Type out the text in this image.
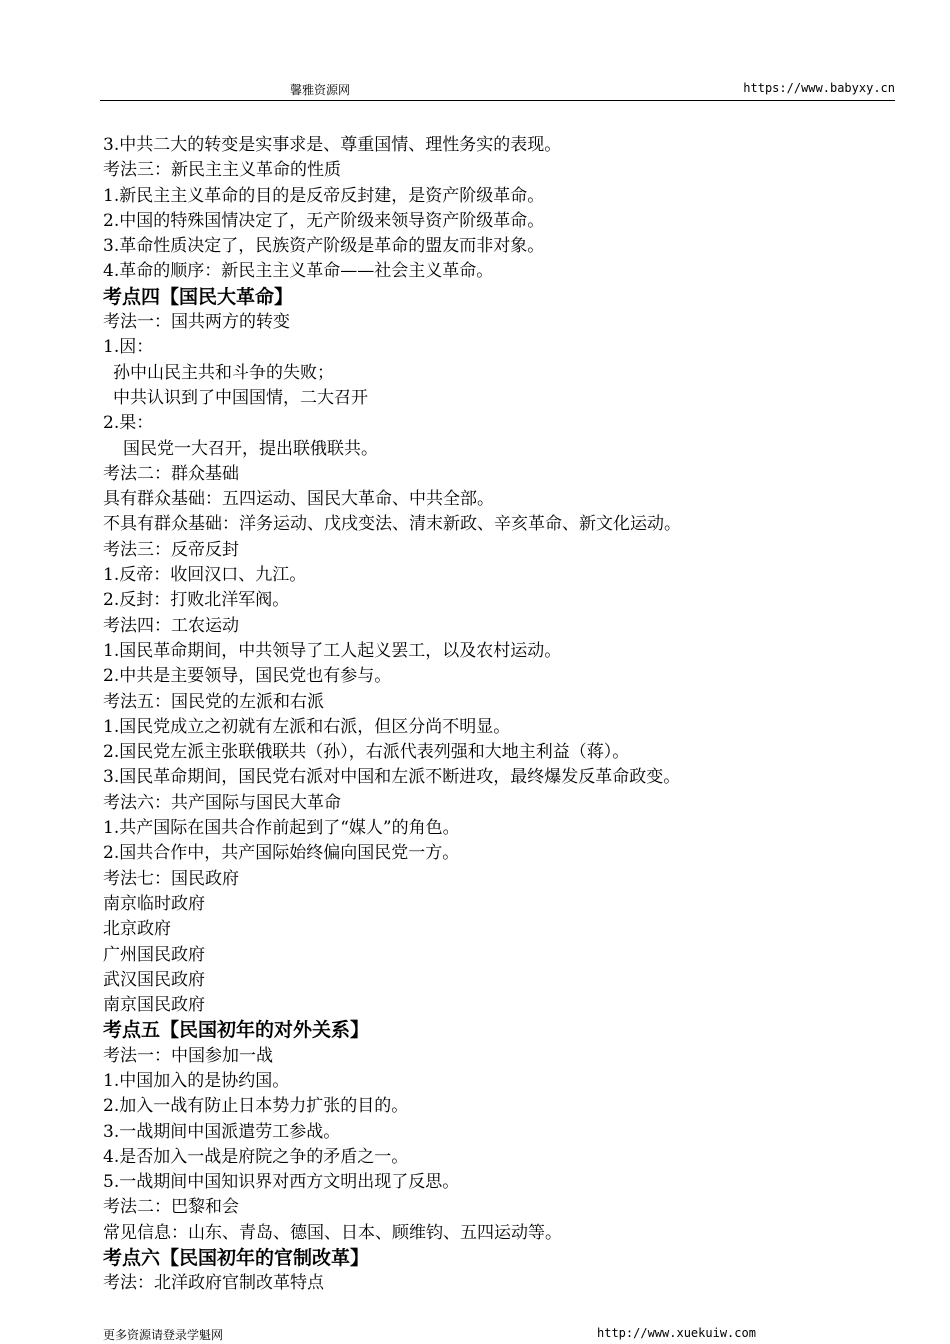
馨雅资源网	https://www.babyxy.cn
3.中共二大的转变是实事求是、尊重国情、理性务实的表现。
考法三：新民主主义革命的性质
1.新民主主义革命的目的是反帝反封建，是资产阶级革命。
2.中国的特殊国情决定了，无产阶级来领导资产阶级革命。
3.革命性质决定了，民族资产阶级是革命的盟友而非对象。
4.革命的顺序：新民主主义革命——社会主义革命。
考点四【国民大革命】
考法一：国共两方的转变
1.因：
孙中山民主共和斗争的失败；
中共认识到了中国国情，二大召开
2.果：
国民党一大召开，提出联俄联共。
考法二：群众基础
具有群众基础：五四运动、国民大革命、中共全部。
不具有群众基础：洋务运动、戊戌变法、清末新政、辛亥革命、新文化运动。
考法三：反帝反封
1.反帝：收回汉口、九江。
2.反封：打败北洋军阀。
考法四：工农运动
1.国民革命期间，中共领导了工人起义罢工，以及农村运动。
2.中共是主要领导，国民党也有参与。
考法五：国民党的左派和右派
1.国民党成立之初就有左派和右派，但区分尚不明显。
2.国民党左派主张联俄联共（孙），右派代表列强和大地主利益（蒋）。
3.国民革命期间，国民党右派对中国和左派不断进攻，最终爆发反革命政变。
考法六：共产国际与国民大革命
1.共产国际在国共合作前起到了“媒人”的角色。
2.国共合作中，共产国际始终偏向国民党一方。
考法七：国民政府
南京临时政府
北京政府
广州国民政府
武汉国民政府
南京国民政府
考点五【民国初年的对外关系】
考法一：中国参加一战
1.中国加入的是协约国。
2.加入一战有防止日本势力扩张的目的。
3.一战期间中国派遣劳工参战。
4.是否加入一战是府院之争的矛盾之一。
5.一战期间中国知识界对西方文明出现了反思。
考法二：巴黎和会
常见信息：山东、青岛、德国、日本、顾维钧、五四运动等。
考点六【民国初年的官制改革】
考法：北洋政府官制改革特点
更多资源请登录学魁网	http://www.xuekuiw.com
